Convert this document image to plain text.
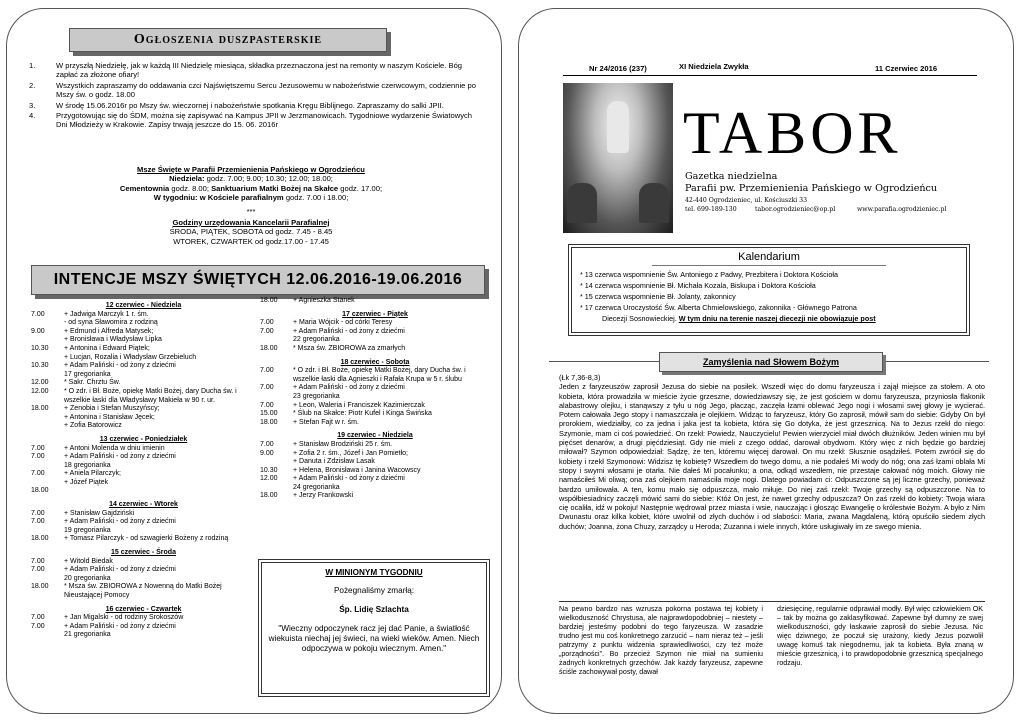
Ogłoszenia duszpasterskie
1.	W przyszłą Niedzielę, jak w każdą III Niedzielę miesiąca, składka przeznaczona jest na remonty w naszym Kościele. Bóg zapłać za złożone ofiary!
2.	Wszystkich zapraszamy do oddawania czci Najświętszemu Sercu Jezusowemu w nabożeństwie czerwcowym, codziennie po Mszy św. o godz. 18.00
3.	W środę 15.06.2016r po Mszy św. wieczornej i nabożeństwie spotkania Kręgu Biblijnego. Zapraszamy do salki JPII.
4.	Przygotowując się do ŚDM, można się zapisywać na Kampus JPII w Jerzmanowicach. Tygodniowe wydarzenie Światowych Dni Młodzieży w Krakowie. Zapisy trwają jeszcze do 15. 06. 2016r
Msze Święte w Parafii Przemienienia Pańskiego w Ogrodzieńcu
Niedziela: godz. 7.00; 9.00; 10.30; 12.00; 18.00;
Cementownia godz. 8.00; Sanktuarium Matki Bożej na Skałce godz. 17.00;
W tygodniu: w Kościele parafialnym godz. 7.00 i 18.00;
***
Godziny urzędowania Kancelarii Parafialnej
ŚRODA, PIĄTEK, SOBOTA od godz. 7.45 - 8.45
WTOREK, CZWARTEK od godz.17.00 - 17.45
INTENCJE MSZY ŚWIĘTYCH 12.06.2016-19.06.2016
12 czerwiec - Niedziela
7.00	+ Jadwiga Marczyk 1 r. śm.
- od syna Sławomira z rodziną
9.00	+ Edmund i Alfreda Matysek;
+ Bronisława i Władysław Lipka
10.30	+ Antonina i Edward Piątek;
+ Lucjan, Rozalia i Władysław Grzebieluch
10.30	+ Adam Paliński - od żony z dziećmi
17 gregorianka
12.00	* Sakr. Chrztu Św.
12.00	* O zdr. i Bł. Boże, opiekę Matki Bożej, dary Ducha św. i wszelkie łaski dla Władysławy Makieła w 90 r. ur.
18.00	+ Zenobia i Stefan Muszyńscy;
+ Antonina i Stanisław Jęcek;
+ Zofia Batorowicz
13 czerwiec - Poniedziałek
7.00	+ Antoni Molenda w dniu imienin
7.00	+ Adam Paliński - od żony z dziećmi
18 gregorianka
7.00	+ Aniela Pilarczyk;
+ Józef Piątek
18.00
14 czerwiec - Wtorek
7.00	+ Stanisław Gajdziński
7.00	+ Adam Paliński - od żony z dziećmi
19 gregorianka
18.00	+ Tomasz Pilarczyk - od szwagierki Bożeny z rodziną
15 czerwiec - Środa
7.00	+ Witold Biedak
7.00	+ Adam Paliński - od żony z dziećmi
20 gregorianka
18.00	* Msza św. ZBIOROWA z Nowenną do Matki Bożej Nieustającej Pomocy
16 czerwiec - Czwartek
7.00	+ Jan Migalski - od rodziny Srokoszów
7.00	+ Adam Paliński - od żony z dziećmi
21 gregorianka
18.00	+ Agnieszka Stanek
17 czerwiec - Piątek
7.00	+ Maria Wójcik - od córki Teresy
7.00	+ Adam Paliński - od żony z dziećmi
22 gregorianka
18.00	* Msza św. ZBIOROWA za zmarłych
18 czerwiec - Sobota
7.00	* O zdr. i Bł. Boże, opiekę Matki Bożej, dary Ducha św. i wszelkie łaski dla Agnieszki i Rafała Krupa w 5 r. ślubu
7.00	+ Adam Paliński - od żony z dziećmi
23 gregorianka
7.00	+ Leon, Waleria i Franciszek Kazimierczak
15.00	* Ślub na Skałce: Piotr Kufel i Kinga Świńska
18.00	+ Stefan Fajt w r. śm.
19 czerwiec - Niedziela
7.00	+ Stanisław Brodziński 25 r. śm.
9.00	+ Zofia 2 r. śm., Józef i Jan Pomietło;
+ Danuta i Zdzisław Lasak
10.30	+ Helena, Bronisława i Janina Wacowscy
12.00	+ Adam Paliński - od żony z dziećmi
24 gregorianka
18.00	+ Jerzy Frankowski
W MINIONYM TYGODNIU

Pożegnaliśmy zmarłą:

Śp. Lidię Szlachta

"Wieczny odpoczynek racz jej dać Panie, a światłość wiekuista niechaj jej świeci, na wieki wieków. Amen. Niech odpoczywa w pokoju wiecznym. Amen."

Nr 24/2016 (237)	XI Niedziela Zwykła	11 Czerwiec 2016
TABOR
Gazetka niedzielna
Parafii pw. Przemienienia Pańskiego w Ogrodzieńcu
42-440 Ogrodzieniec, ul. Kościuszki 33
tel. 699-189-130	tabor.ogrodzieniec@op.pl	www.parafia.ogrodzieniec.pl
Kalendarium
* 13 czerwca wspomnienie Św. Antoniego z Padwy, Prezbitera i Doktora Kościoła
* 14 czerwca wspomnienie Bł. Michała Kozala, Biskupa i Doktora Kościoła
* 15 czerwca wspomnienie Bł. Jolanty, zakonnicy
* 17 czerwca Uroczystość Św. Alberta Chmielowskiego, zakonnika - Głównego Patrona
Diecezji Sosnowieckiej. W tym dniu na terenie naszej diecezji nie obowiązuje post
Zamyślenia nad Słowem Bożym
(Łk 7,36-8,3)
Jeden z faryzeuszów zaprosił Jezusa do siebie na posiłek. Wszedł więc do domu faryzeusza i zajął miejsce za stołem. A oto kobieta, która prowadziła w mieście życie grzeszne, dowiedziawszy się, że jest gościem w domu faryzeusza, przyniosła flakonik alabastrowy olejku, i stanąwszy z tyłu u nóg Jego, płacząc, zaczęła łzami oblewać Jego nogi i włosami swej głowy je wycierać. Potem całowała Jego stopy i namaszczała je olejkiem. Widząc to faryzeusz, który Go zaprosił, mówił sam do siebie: Gdyby On był prorokiem, wiedziałby, co za jedna i jaka jest ta kobieta, która się Go dotyka, że jest grzesznicą. Na to Jezus rzekł do niego: Szymonie, mam ci coś powiedzieć. On rzekł: Powiedz, Nauczycielu! Pewien wierzyciel miał dwóch dłużników. Jeden winien mu był pięćset denarów, a drugi pięćdziesiąt. Gdy nie mieli z czego oddać, darował obydwom. Który więc z nich będzie go bardziej miłował? Szymon odpowiedział: Sądzę, że ten, któremu więcej darował. On mu rzekł: Słusznie osądziłeś. Potem zwrócił się do kobiety i rzekł Szymonowi: Widzisz tę kobietę? Wszedłem do twego domu, a nie podałeś Mi wody do nóg; ona zaś łzami oblała Mi stopy i swymi włosami je otarła. Nie dałeś Mi pocałunku; a ona, odkąd wszedłem, nie przestaje całować nóg moich. Głowy nie namaściłeś Mi oliwą; ona zaś olejkiem namaściła moje nogi. Dlatego powiadam ci: Odpuszczone są jej liczne grzechy, ponieważ bardzo umiłowała. A ten, komu mało się odpuszcza, mało miłuje. Do niej zaś rzekł: Twoje grzechy są odpuszczone. Na to współbiesiadnicy zaczęli mówić sami do siebie: Któż On jest, że nawet grzechy odpuszcza? On zaś rzekł do kobiety: Twoja wiara cię ocaliła, idź w pokoju! Następnie wędrował przez miasta i wsie, nauczając i głosząc Ewangelię o królestwie Bożym. A było z Nim Dwunastu oraz kilka kobiet, które uwolnił od złych duchów i od słabości: Maria, zwana Magdaleną, którą opuściło siedem złych duchów; Joanna, żona Chuzy, zarządcy u Heroda; Zuzanna i wiele innych, które usługiwały im ze swego mienia.
Na pewno bardzo nas wzrusza pokorna postawa tej kobiety i wielkoduszność Chrystusa, ale najprawdopodobniej – niestety – bardziej jesteśmy podobni do tego faryzeusza. W zasadzie trudno jest mu coś konkretnego zarzucić – nam nieraz też – jeśli patrzymy z punktu widzenia sprawiedliwości, czy też może „porządności”. Bo przecież Szymon nie miał na sumieniu żadnych konkretnych grzechów. Jak każdy faryzeusz, zapewne ściśle zachowywał posty, dawał
dziesięcinę, regularnie odprawiał modły. Był więc człowiekiem OK – tak by można go zaklasyfikować. Zapewne był dumny ze swej wielkoduszności, gdy łaskawie zaprosił do siebie Jezusa. Nic więc dziwnego, że poczuł się urażony, kiedy Jezus pozwolił uwagę komuś tak niegodnemu, jak ta kobieta. Była znaną w mieście grzesznicą, i to prawdopodobnie grzesznicą specjalnego rodzaju.
